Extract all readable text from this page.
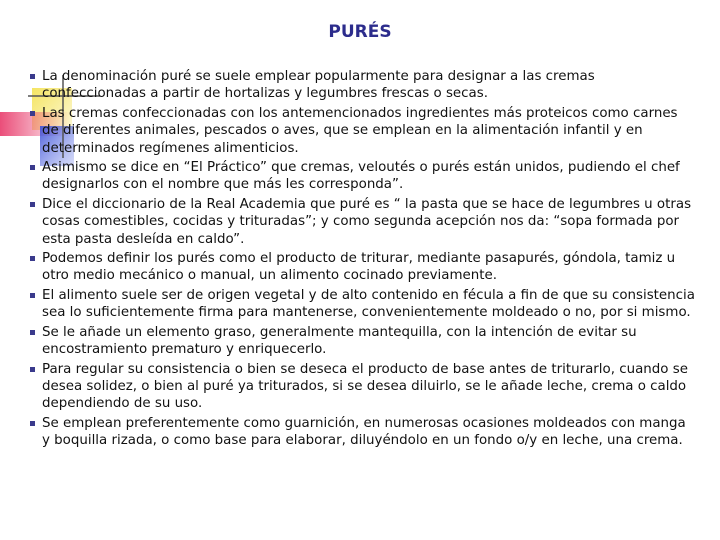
PURÉS
La denominación puré se suele emplear popularmente para designar a las cremas confeccionadas a partir de hortalizas y legumbres frescas o secas.
Las cremas confeccionadas con los antemencionados ingredientes más proteicos como carnes de diferentes animales, pescados o aves, que se emplean en la alimentación infantil y en determinados regímenes alimenticios.
Asimismo se dice en “El Práctico” que cremas, veloutés o purés están unidos, pudiendo el chef designarlos con el nombre que más les corresponda”.
Dice el diccionario de la Real Academia que puré es “ la pasta que se hace de legumbres u otras cosas comestibles, cocidas y trituradas”; y como segunda acepción nos da: “sopa formada por esta pasta desleída en caldo”.
Podemos definir los purés como el producto de triturar, mediante pasapurés, góndola, tamiz u otro medio mecánico o manual, un alimento cocinado previamente.
El alimento suele ser de origen vegetal y de alto contenido en fécula a fin de que su consistencia sea lo suficientemente firma para mantenerse, convenientemente moldeado o no, por si mismo.
Se le añade un elemento graso, generalmente mantequilla, con la intención de evitar su encostramiento prematuro y enriquecerlo.
Para regular su consistencia o bien se deseca el producto de base antes de triturarlo, cuando se desea solidez, o bien al puré ya triturados, si se desea diluirlo, se le añade leche, crema o caldo dependiendo de su uso.
Se emplean preferentemente como guarnición, en numerosas ocasiones moldeados con manga y boquilla rizada, o como base para elaborar, diluyéndolo en un fondo o/y en leche, una crema.
